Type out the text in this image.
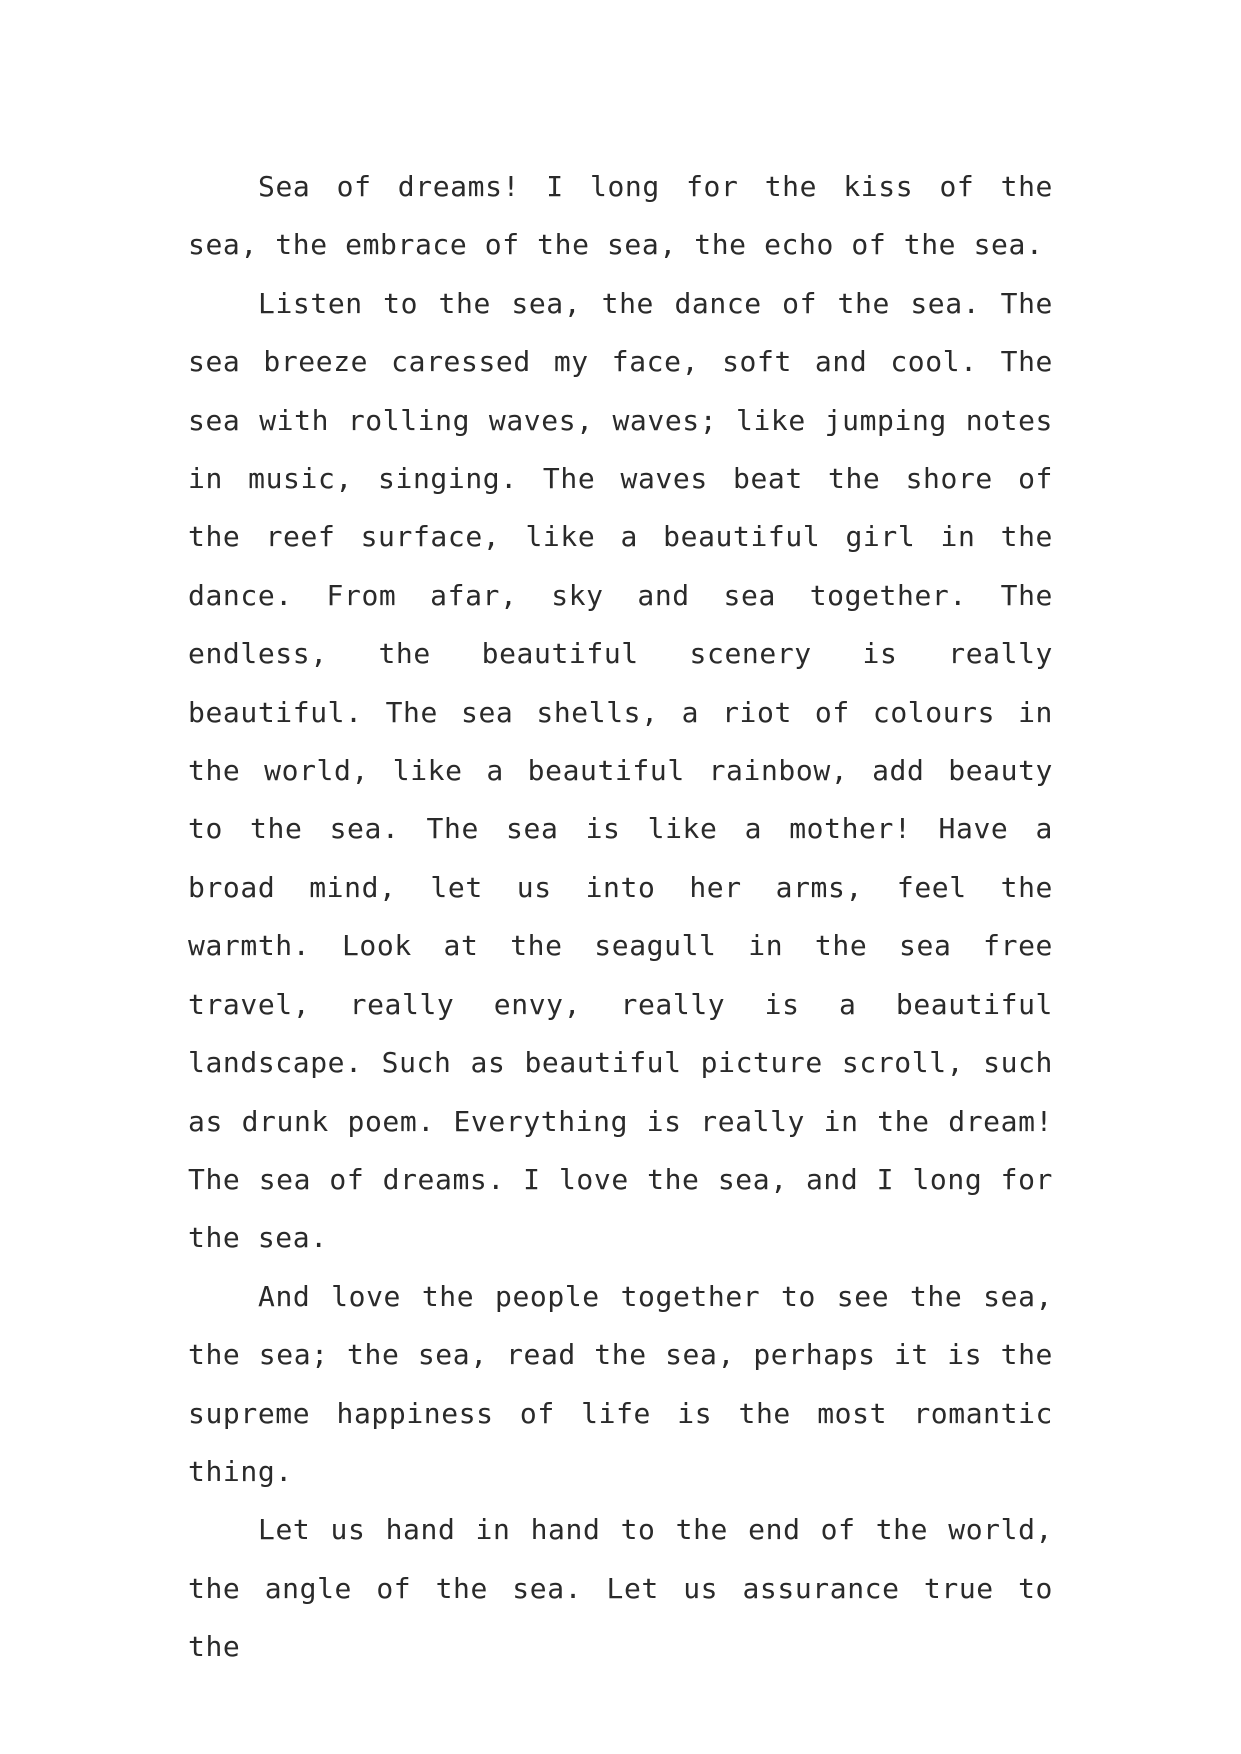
Sea of dreams! I long for the kiss of the sea, the embrace of the sea, the echo of the sea.

Listen to the sea, the dance of the sea. The sea breeze caressed my face, soft and cool. The sea with rolling waves, waves; like jumping notes in music, singing. The waves beat the shore of the reef surface, like a beautiful girl in the dance. From afar, sky and sea together. The endless, the beautiful scenery is really beautiful. The sea shells, a riot of colours in the world, like a beautiful rainbow, add beauty to the sea. The sea is like a mother! Have a broad mind, let us into her arms, feel the warmth. Look at the seagull in the sea free travel, really envy, really is a beautiful landscape. Such as beautiful picture scroll, such as drunk poem. Everything is really in the dream! The sea of dreams. I love the sea, and I long for the sea.

And love the people together to see the sea, the sea; the sea, read the sea, perhaps it is the supreme happiness of life is the most romantic thing.

Let us hand in hand to the end of the world, the angle of the sea. Let us assurance true to the
